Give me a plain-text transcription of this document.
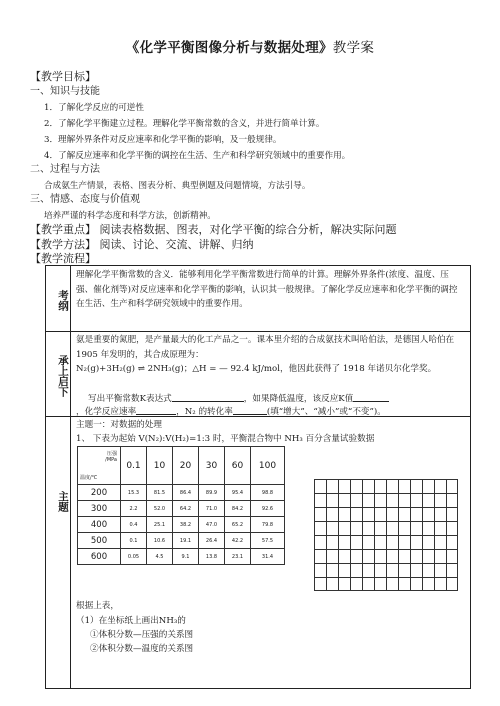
《化学平衡图像分析与数据处理》教学案
【教学目标】
一、知识与技能
1．了解化学反应的可逆性
2．了解化学平衡建立过程。理解化学平衡常数的含义，并进行简单计算。
3．理解外界条件对反应速率和化学平衡的影响，及一般规律。
4．了解反应速率和化学平衡的调控在生活、生产和科学研究领域中的重要作用。
二、过程与方法
合成氨生产情景，表格、图表分析、典型例题及问题情境，方法引导。
三、情感、态度与价值观
培养严谨的科学态度和科学方法，创新精神。
【教学重点】 阅读表格数据、图表，对化学平衡的综合分析，解决实际问题
【教学方法】 阅读、讨论、交流、讲解、归纳
【教学流程】
考纲
理解化学平衡常数的含义．能够利用化学平衡常数进行简单的计算。理解外界条件(浓度、温度、压强、催化剂等)对反应速率和化学平衡的影响，认识其一般规律。了解化学反应速率和化学平衡的调控在生活、生产和科学研究领域中的重要作用。
承上启下
氨是重要的氮肥，是产量最大的化工产品之一。课本里介绍的合成氨技术叫哈伯法，是德国人哈伯在 1905 年发明的，其合成原理为：
N₂(g)+3H₂(g) ⇌ 2NH₃(g)；△H = — 92.4 kJ/mol，他因此获得了 1918 年诺贝尔化学奖。
写出平衡常数K表达式	，如果降低温度，该反应K值
，化学反应速率	，N₂ 的转化率	(填“增大”、“减小”或“不变”)。
主题
主题一：对数据的处理
1、 下表为起始 V(N₂):V(H₂)=1:3 时，平衡混合物中 NH₃ 百分含量试验数据
压强
/MPa
温度/℃	0.1	10	20	30	60	100
200	15.3	81.5	86.4	89.9	95.4	98.8
300	2.2	52.0	64.2	71.0	84.2	92.6
400	0.4	25.1	38.2	47.0	65.2	79.8
500	0.1	10.6	19.1	26.4	42.2	57.5
600	0.05	4.5	9.1	13.8	23.1	31.4
根据上表，
（1）在坐标纸上画出NH₃的
①体积分数—压强的关系图
②体积分数—温度的关系图
